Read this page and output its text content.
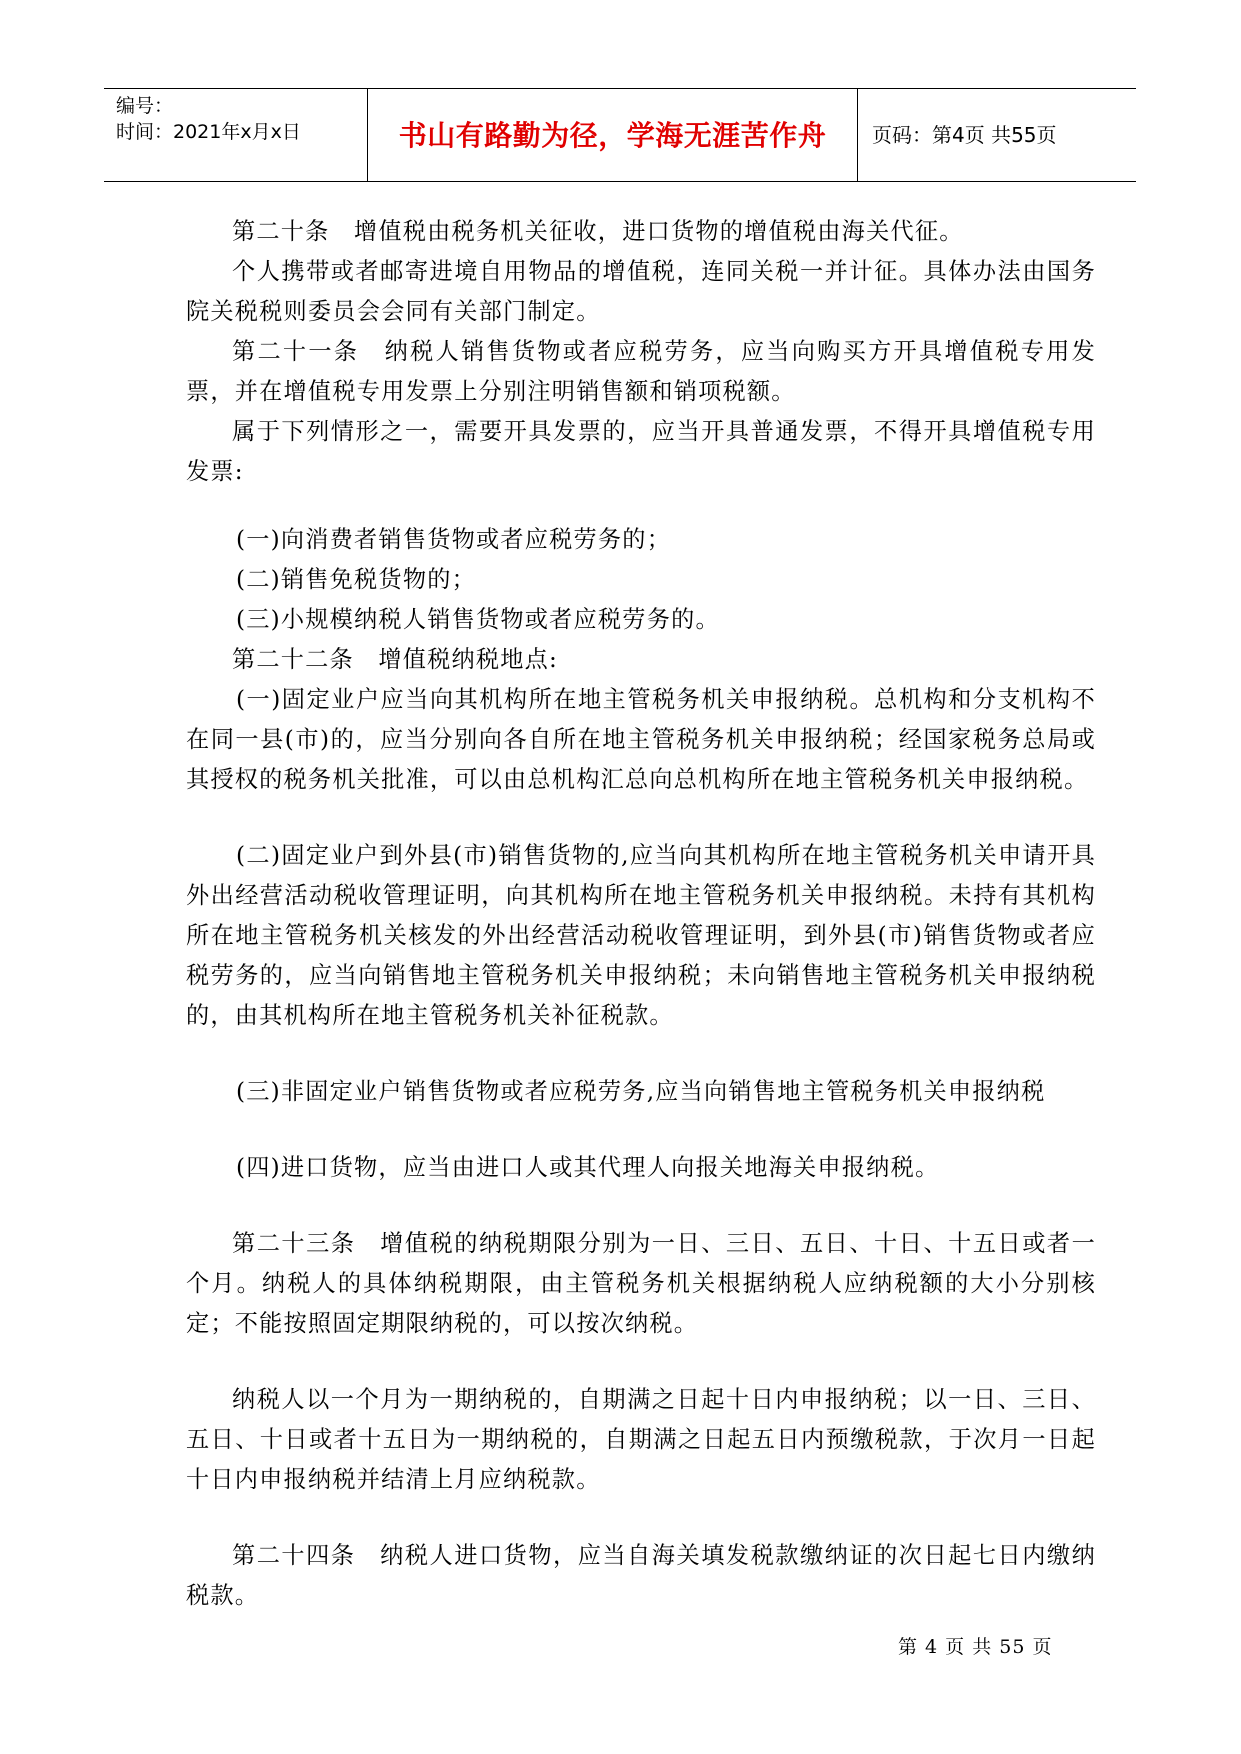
编号：
时间：2021年x月x日	书山有路勤为径，学海无涯苦作舟	页码：第4页 共55页

第二十条　增值税由税务机关征收，进口货物的增值税由海关代征。

个人携带或者邮寄进境自用物品的增值税，连同关税一并计征。具体办法由国务院关税税则委员会会同有关部门制定。

第二十一条　纳税人销售货物或者应税劳务，应当向购买方开具增值税专用发票，并在增值税专用发票上分别注明销售额和销项税额。

属于下列情形之一，需要开具发票的，应当开具普通发票，不得开具增值税专用发票:

(一)向消费者销售货物或者应税劳务的；

(二)销售免税货物的；

(三)小规模纳税人销售货物或者应税劳务的。

第二十二条　增值税纳税地点:

(一)固定业户应当向其机构所在地主管税务机关申报纳税。总机构和分支机构不在同一县(市)的，应当分别向各自所在地主管税务机关申报纳税；经国家税务总局或其授权的税务机关批准，可以由总机构汇总向总机构所在地主管税务机关申报纳税。

(二)固定业户到外县(市)销售货物的,应当向其机构所在地主管税务机关申请开具外出经营活动税收管理证明，向其机构所在地主管税务机关申报纳税。未持有其机构所在地主管税务机关核发的外出经营活动税收管理证明，到外县(市)销售货物或者应税劳务的，应当向销售地主管税务机关申报纳税；未向销售地主管税务机关申报纳税的，由其机构所在地主管税务机关补征税款。

(三)非固定业户销售货物或者应税劳务,应当向销售地主管税务机关申报纳税

(四)进口货物，应当由进口人或其代理人向报关地海关申报纳税。

第二十三条　增值税的纳税期限分别为一日、三日、五日、十日、十五日或者一个月。纳税人的具体纳税期限，由主管税务机关根据纳税人应纳税额的大小分别核定；不能按照固定期限纳税的，可以按次纳税。

纳税人以一个月为一期纳税的，自期满之日起十日内申报纳税；以一日、三日、五日、十日或者十五日为一期纳税的，自期满之日起五日内预缴税款，于次月一日起十日内申报纳税并结清上月应纳税款。

第二十四条　纳税人进口货物，应当自海关填发税款缴纳证的次日起七日内缴纳税款。

第 4 页 共 55 页
